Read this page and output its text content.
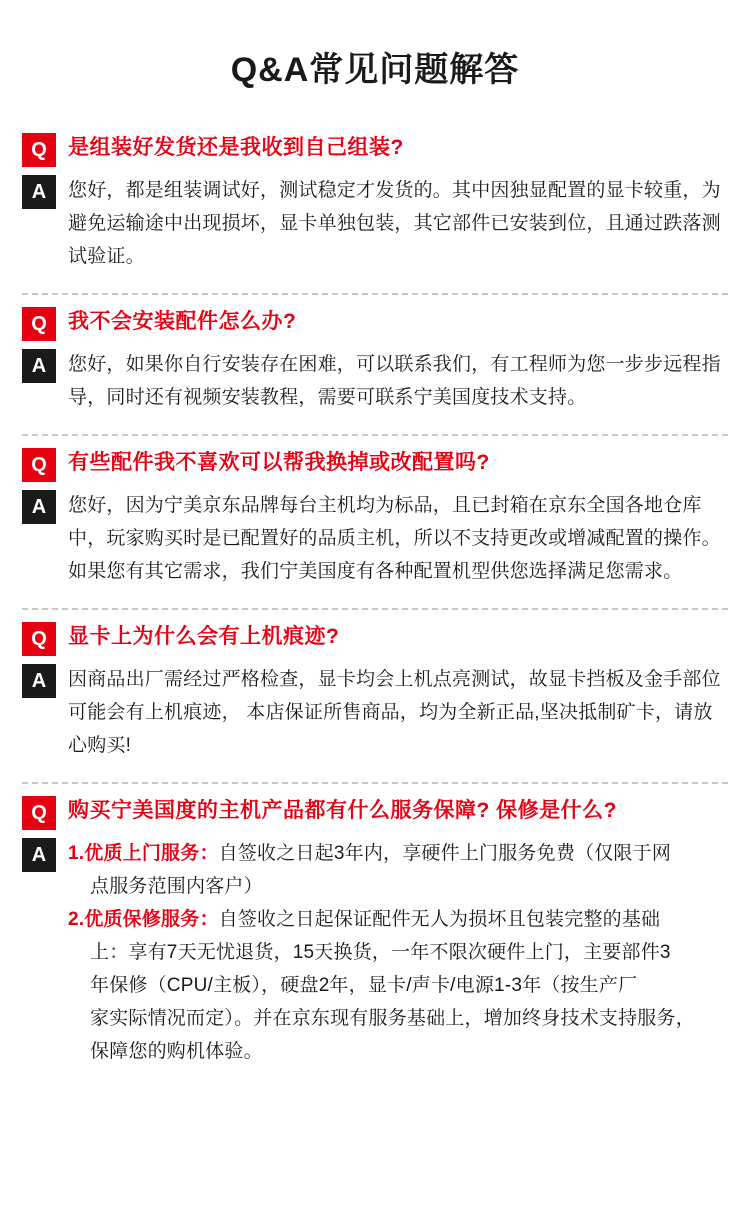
Q&A常见问题解答
Q	是组装好发货还是我收到自己组装?
A	您好，都是组装调试好，测试稳定才发货的。其中因独显配置的显卡较重，为避免运输途中出现损坏，显卡单独包装，其它部件已安装到位，且通过跌落测试验证。
Q	我不会安装配件怎么办?
A	您好，如果你自行安装存在困难，可以联系我们，有工程师为您一步步远程指导，同时还有视频安装教程，需要可联系宁美国度技术支持。
Q	有些配件我不喜欢可以帮我换掉或改配置吗?
A	您好，因为宁美京东品牌每台主机均为标品，且已封箱在京东全国各地仓库中，玩家购买时是已配置好的品质主机，所以不支持更改或增减配置的操作。如果您有其它需求，我们宁美国度有各种配置机型供您选择满足您需求。
Q	显卡上为什么会有上机痕迹?
A	因商品出厂需经过严格检查，显卡均会上机点亮测试，故显卡挡板及金手部位可能会有上机痕迹， 本店保证所售商品，均为全新正品,坚决抵制矿卡，请放心购买!
Q	购买宁美国度的主机产品都有什么服务保障? 保修是什么?
A	1.优质上门服务：自签收之日起3年内，享硬件上门服务免费（仅限于网
点服务范围内客户）
2.优质保修服务：自签收之日起保证配件无人为损坏且包装完整的基础
上：享有7天无忧退货，15天换货，一年不限次硬件上门，主要部件3
年保修（CPU/主板），硬盘2年，显卡/声卡/电源1-3年（按生产厂
家实际情况而定）。并在京东现有服务基础上，增加终身技术支持服务，
保障您的购机体验。
